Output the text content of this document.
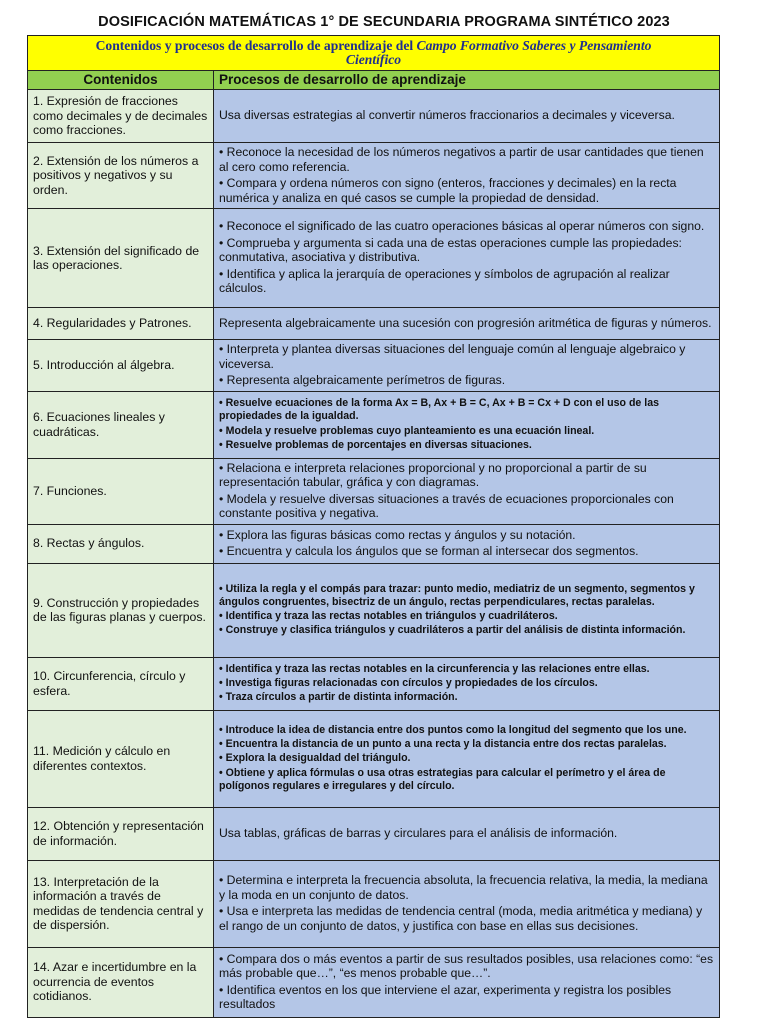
DOSIFICACIÓN MATEMÁTICAS 1° DE SECUNDARIA PROGRAMA SINTÉTICO 2023
Contenidos y procesos de desarrollo de aprendizaje del Campo Formativo Saberes y Pensamiento
Científico	
Contenidos	Procesos de desarrollo de aprendizaje
1. Expresión de fracciones como decimales y de decimales como fracciones.	Usa diversas estrategias al convertir números fraccionarios a decimales y viceversa.

2. Extensión de los números a positivos y negativos y su orden.	• Reconoce la necesidad de los números negativos a partir de usar cantidades que tienen al cero como referencia.

• Compara y ordena números con signo (enteros, fracciones y decimales) en la recta numérica y analiza en qué casos se cumple la propiedad de densidad.

3. Extensión del significado de las operaciones.	• Reconoce el significado de las cuatro operaciones básicas al operar números con signo.

• Comprueba y argumenta si cada una de estas operaciones cumple las propiedades: conmutativa, asociativa y distributiva.

• Identifica y aplica la jerarquía de operaciones y símbolos de agrupación al realizar cálculos.

4. Regularidades y Patrones.	Representa algebraicamente una sucesión con progresión aritmética de figuras y números.

5. Introducción al álgebra.	• Interpreta y plantea diversas situaciones del lenguaje común al lenguaje algebraico y viceversa.

• Representa algebraicamente perímetros de figuras.

6. Ecuaciones lineales y cuadráticas.	• Resuelve ecuaciones de la forma Ax = B, Ax + B = C, Ax + B = Cx + D con el uso de las propiedades de la igualdad.

• Modela y resuelve problemas cuyo planteamiento es una ecuación lineal.

• Resuelve problemas de porcentajes en diversas situaciones.

7. Funciones.	• Relaciona e interpreta relaciones proporcional y no proporcional a partir de su representación tabular, gráfica y con diagramas.

• Modela y resuelve diversas situaciones a través de ecuaciones proporcionales con constante positiva y negativa.

8. Rectas y ángulos.	• Explora las figuras básicas como rectas y ángulos y su notación.

• Encuentra y calcula los ángulos que se forman al intersecar dos segmentos.

9. Construcción y propiedades de las figuras planas y cuerpos.	• Utiliza la regla y el compás para trazar: punto medio, mediatriz de un segmento, segmentos y ángulos congruentes, bisectriz de un ángulo, rectas perpendiculares, rectas paralelas.

• Identifica y traza las rectas notables en triángulos y cuadriláteros.

• Construye y clasifica triángulos y cuadriláteros a partir del análisis de distinta información.

10. Circunferencia, círculo y esfera.	• Identifica y traza las rectas notables en la circunferencia y las relaciones entre ellas.

• Investiga figuras relacionadas con círculos y propiedades de los círculos.

• Traza círculos a partir de distinta información.

11. Medición y cálculo en diferentes contextos.	• Introduce la idea de distancia entre dos puntos como la longitud del segmento que los une.

• Encuentra la distancia de un punto a una recta y la distancia entre dos rectas paralelas.

• Explora la desigualdad del triángulo.

• Obtiene y aplica fórmulas o usa otras estrategias para calcular el perímetro y el área de polígonos regulares e irregulares y del círculo.

12. Obtención y representación de información.	Usa tablas, gráficas de barras y circulares para el análisis de información.

13. Interpretación de la información a través de medidas de tendencia central y de dispersión.	• Determina e interpreta la frecuencia absoluta, la frecuencia relativa, la media, la mediana y la moda en un conjunto de datos.

• Usa e interpreta las medidas de tendencia central (moda, media aritmética y mediana) y el rango de un conjunto de datos, y justifica con base en ellas sus decisiones.

14. Azar e incertidumbre en la ocurrencia de eventos cotidianos.	• Compara dos o más eventos a partir de sus resultados posibles, usa relaciones como: “es más probable que…”, “es menos probable que…”.

• Identifica eventos en los que interviene el azar, experimenta y registra los posibles resultados
